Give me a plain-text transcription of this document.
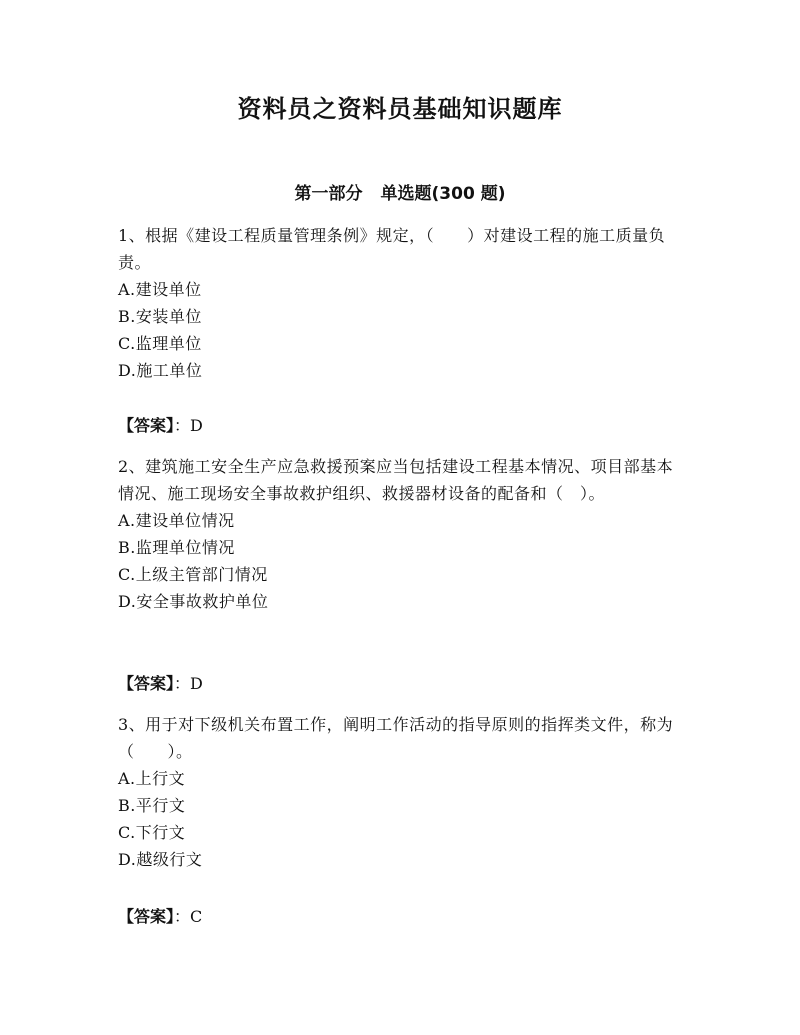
资料员之资料员基础知识题库
第一部分 单选题(300 题)

1、根据《建设工程质量管理条例》规定，（　　）对建设工程的施工质量负责。

A.建设单位
B.安装单位
C.监理单位
D.施工单位
【答案】：D

2、建筑施工安全生产应急救援预案应当包括建设工程基本情况、项目部基本情况、施工现场安全事故救护组织、救援器材设备的配备和（　）。

A.建设单位情况
B.监理单位情况
C.上级主管部门情况
D.安全事故救护单位
【答案】：D

3、用于对下级机关布置工作，阐明工作活动的指导原则的指挥类文件，称为（　　）。

A.上行文
B.平行文
C.下行文
D.越级行文
【答案】：C
